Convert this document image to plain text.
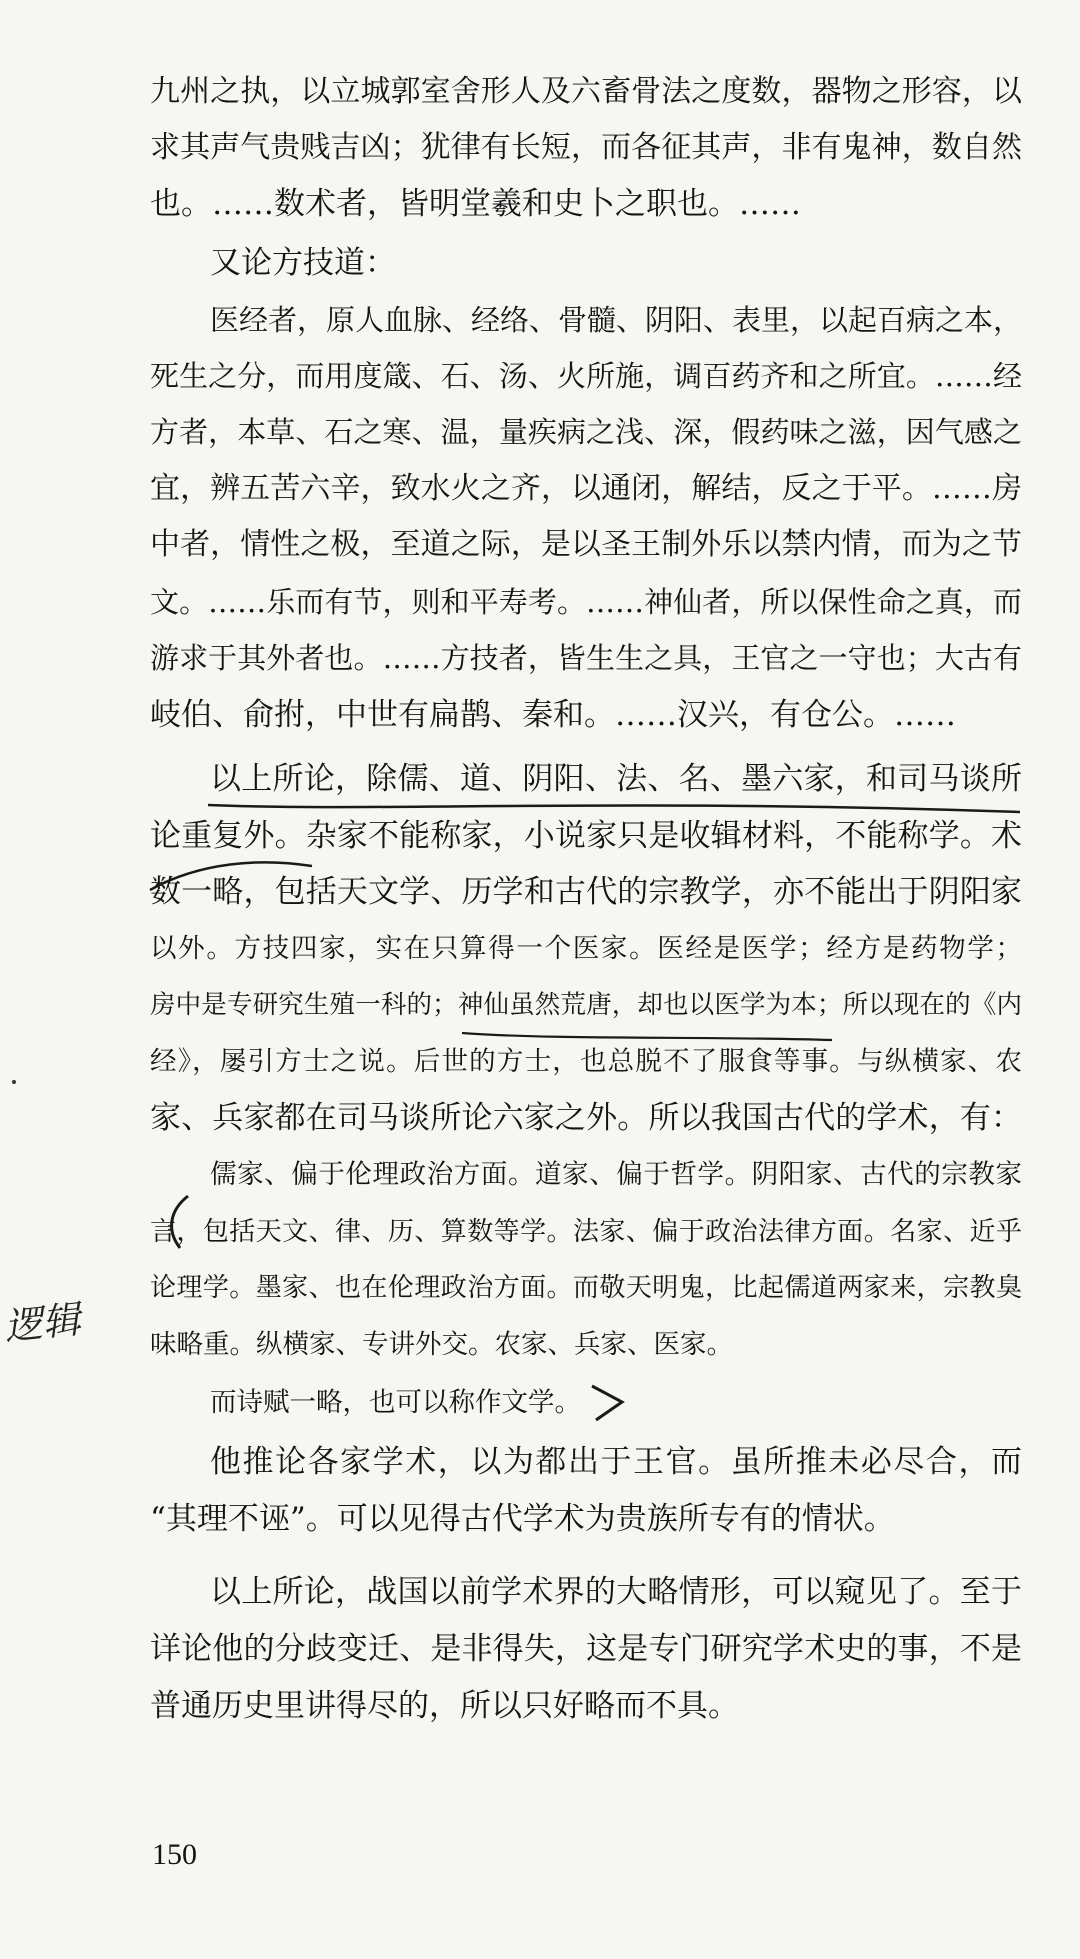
九州之执，以立城郭室舍形人及六畜骨法之度数，器物之形容，以
求其声气贵贱吉凶；犹律有长短，而各征其声，非有鬼神，数自然
也。……数术者，皆明堂羲和史卜之职也。……
又论方技道：
医经者，原人血脉、经络、骨髓、阴阳、表里，以起百病之本，
死生之分，而用度箴、石、汤、火所施，调百药齐和之所宜。……经
方者，本草、石之寒、温，量疾病之浅、深，假药味之滋，因气感之
宜，辨五苦六辛，致水火之齐，以通闭，解结，反之于平。……房
中者，情性之极，至道之际，是以圣王制外乐以禁内情，而为之节
文。……乐而有节，则和平寿考。……神仙者，所以保性命之真，而
游求于其外者也。……方技者，皆生生之具，王官之一守也；大古有
岐伯、俞拊，中世有扁鹊、秦和。……汉兴，有仓公。……
以上所论，除儒、道、阴阳、法、名、墨六家，和司马谈所
论重复外。杂家不能称家，小说家只是收辑材料，不能称学。术
数一略，包括天文学、历学和古代的宗教学，亦不能出于阴阳家
以外。方技四家，实在只算得一个医家。医经是医学；经方是药物学；
房中是专研究生殖一科的；神仙虽然荒唐，却也以医学为本；所以现在的《内
经》，屡引方士之说。后世的方士，也总脱不了服食等事。与纵横家、农
家、兵家都在司马谈所论六家之外。所以我国古代的学术，有：
儒家、偏于伦理政治方面。道家、偏于哲学。阴阳家、古代的宗教家
言，包括天文、律、历、算数等学。法家、偏于政治法律方面。名家、近乎
论理学。墨家、也在伦理政治方面。而敬天明鬼，比起儒道两家来，宗教臭
味略重。纵横家、专讲外交。农家、兵家、医家。
而诗赋一略，也可以称作文学。
他推论各家学术，以为都出于王官。虽所推未必尽合，而
“其理不诬”。可以见得古代学术为贵族所专有的情状。
以上所论，战国以前学术界的大略情形，可以窥见了。至于
详论他的分歧变迁、是非得失，这是专门研究学术史的事，不是
普通历史里讲得尽的，所以只好略而不具。
逻辑
150
